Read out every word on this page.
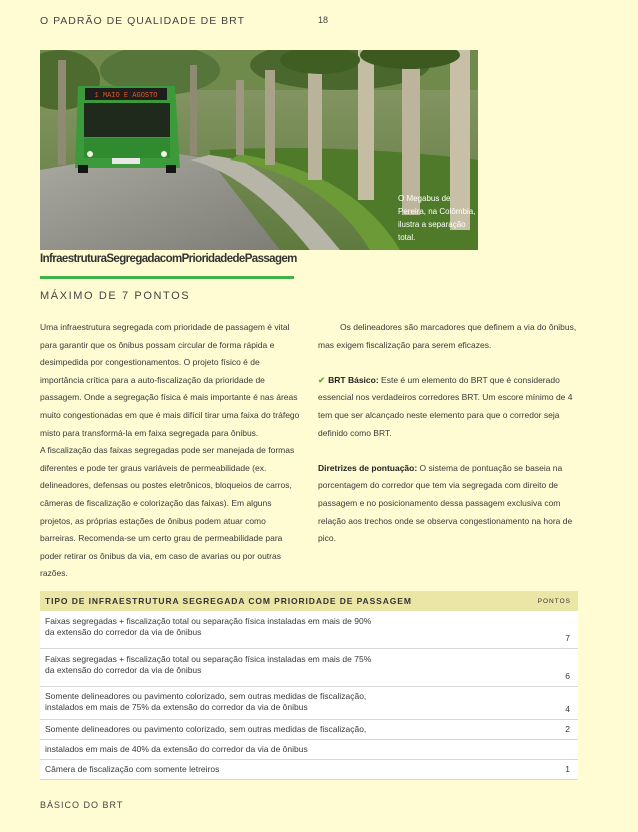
O PADRÃO DE QUALIDADE DE BRT	18
1 MAIO E AGOSTO
O Megabus de Pereira, na Colômbia, ilustra a separação total.
InfraestruturaSegregadacomPrioridadedePassagem
MÁXIMO DE 7 PONTOS

Uma infraestrutura segregada com prioridade de passagem é vital para garantir que os ônibus possam circular de forma rápida e desimpedida por congestionamentos. O projeto físico é de importância crítica para a auto-fiscalização da prioridade de passagem. Onde a segregação física é mais importante é nas áreas muito congestionadas em que é mais difícil tirar uma faixa do tráfego misto para transformá-la em faixa segregada para ônibus.

A fiscalização das faixas segregadas pode ser manejada de formas diferentes e pode ter graus variáveis de permeabilidade (ex. delineadores, defensas ou postes eletrônicos, bloqueios de carros, câmeras de fiscalização e colorização das faixas). Em alguns projetos, as próprias estações de ônibus podem atuar como barreiras. Recomenda-se um certo grau de permeabilidade para poder retirar os ônibus da via, em caso de avarias ou por outras razões.

Os delineadores são marcadores que definem a via do ônibus, mas exigem fiscalização para serem eficazes.

✔ BRT Básico: Este é um elemento do BRT que é considerado essencial nos verdadeiros corredores BRT. Um escore mínimo de 4 tem que ser alcançado neste elemento para que o corredor seja definido como BRT.

Diretrizes de pontuação: O sistema de pontuação se baseia na porcentagem do corredor que tem via segregada com direito de passagem e no posicionamento dessa passagem exclusiva com relação aos trechos onde se observa congestionamento na hora de pico.

TIPO DE INFRAESTRUTURA SEGREGADA COM PRIORIDADE DE PASSAGEM	PONTOS
Faixas segregadas + fiscalização total ou separação física instaladas em mais de 90%
da extensão do corredor da via de ônibus
7
Faixas segregadas + fiscalização total ou separação física instaladas em mais de 75%
da extensão do corredor da via de ônibus
6
Somente delineadores ou pavimento colorizado, sem outras medidas de fiscalização,
instalados em mais de 75% da extensão do corredor da via de ônibus	4
Somente delineadores ou pavimento colorizado, sem outras medidas de fiscalização,	2
instalados em mais de 40% da extensão do corredor da via de ônibus
Câmera de fiscalização com somente letreiros	1
BÁSICO DO BRT
